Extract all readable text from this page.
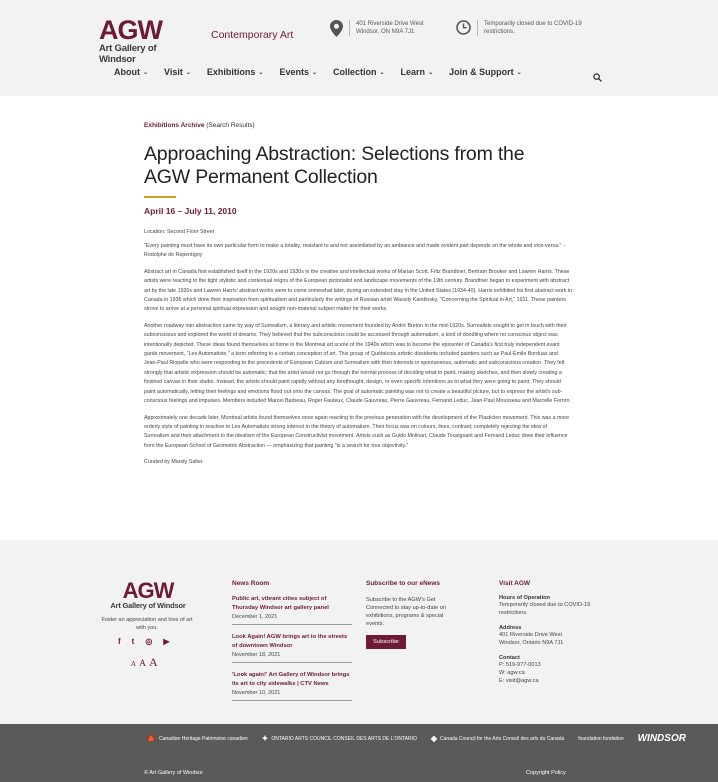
AGW
Art Gallery of Windsor
Contemporary Art
401 Riverside Drive West
Windsor, ON N9A 7J1
Temporarily closed due to COVID-19
restrictions.
About ⌄ Visit ⌄ Exhibitions ⌄ Events ⌄ Collection ⌄ Learn ⌄ Join & Support ⌄
Exhibitions Archive (Search Results)
Approaching Abstraction: Selections from the AGW Permanent Collection
April 16 – July 11, 2010
Location: Second Floor Street

"Every painting must have its own particular form to make a totality, resistant to and not assimilated by an ambiance and made evident part depends on the whole and vice-versa." - Rodolphe de Repentigny

Abstract art in Canada first established itself in the 1920s and 1930s in the creative and intellectual works of Marian Scott, Fritz Brandtner, Bertram Brooker and Lawren Harris. These artists were reacting to the tight stylistic and contextual reigns of the European pictorialist and landscape movements of the 19th century. Brandtner began to experiment with abstract art by the late 1920s and Lawren Harris' abstract works were to come somewhat later, during an extended stay in the United States (1934-40). Harris exhibited his first abstract work in Canada in 1936 which drew their inspiration from spiritualism and particularly the writings of Russian artist Wassily Kandinsky, "Concerning the Spiritual in Art," 1911. These painters strove to arrive at a personal spiritual expression and sought non-material subject matter for their works.

Another roadway into abstraction came by way of Surrealism, a literary and artistic movement founded by André Breton in the mid-1920s. Surrealists sought to get in touch with their subconscious and explored the world of dreams. They believed that the subconscious could be accessed through automatism, a kind of doodling where no conscious object was intentionally depicted. These ideas found themselves at home in the Montreal art scene of the 1940s which was to become the epicenter of Canada's first truly independent avant garde movement, "Les Automatiste," a term referring to a certain conception of art. This group of Québécois artistic dissidents included painters such as Paul-Émile Borduas and Jean-Paul Riopelle who were responding to the precedents of European Cubism and Surrealism with their interests in spontaneous, automatic and subconscious creation. They felt strongly that artistic expression should be automatic; that the artist would not go through the normal process of deciding what to paint, making sketches, and then slowly creating a finished canvas in their studio. Instead, the artists should paint rapidly without any forethought, design, or even specific intentions as to what they were going to paint. They should paint automatically, letting their feelings and emotions flood out onto the canvas. The goal of automatic painting was not to create a beautiful picture, but to express the artist's sub-conscious feelings and impulses. Members included Marcel Barbeau, Roger Fauteux, Claude Gauvreau, Pierre Gauvreau, Fernand Leduc, Jean-Paul Mousseau and Marcelle Ferron.

Approximately one decade later, Montreal artists found themselves once again reacting to the previous generation with the development of the Plasticien movement. This was a more orderly style of painting in reaction to Les Automatists strong interest in the theory of automatism. Their focus was on colours, lines, contrast; completely rejecting the idea of Surrealism and their attachment to the idealism of the European Constructivist movement. Artists such as Guido Molinari, Claude Tousignant and Fernand Leduc drew their influence from the European School of Geometric Abstraction — emphasizing that painting "is a search for true objectivity."

Curated by Mandy Salter.

AGW
Art Gallery of Windsor
Foster an appreciation and love of art with you.
f t ◎ ▶
A A A
News Room
Public art, vibrant cities subject of Thursday Windsor art gallery panel
December 1, 2021
Look Again! AGW brings art to the streets of downtown Windsor
November 18, 2021
'Look again!' Art Gallery of Windsor brings its art to city sidewalks | CTV News
November 10, 2021
Subscribe to our eNews
Subscribe to the AGW's Get Connected to stay up-to-date on exhibitions, programs & special events.
Subscribe
Visit AGW
Hours of Operation
Temporarily closed due to COVID-19 restrictions.
Address
401 Riverside Drive West
Windsor, Ontario N9A 7J1
Contact
P: 519-977-0013
W: agw.ca
E: visit@agw.ca
🍁 Canadian Heritage Patrimoine canadien ✦ ONTARIO ARTS COUNCIL CONSEIL DES ARTS DE L'ONTARIO ◈ Canada Council for the Arts Conseil des arts du Canada	foundation fondation WINDSOR
© Art Gallery of Windsor	Copyright Policy
